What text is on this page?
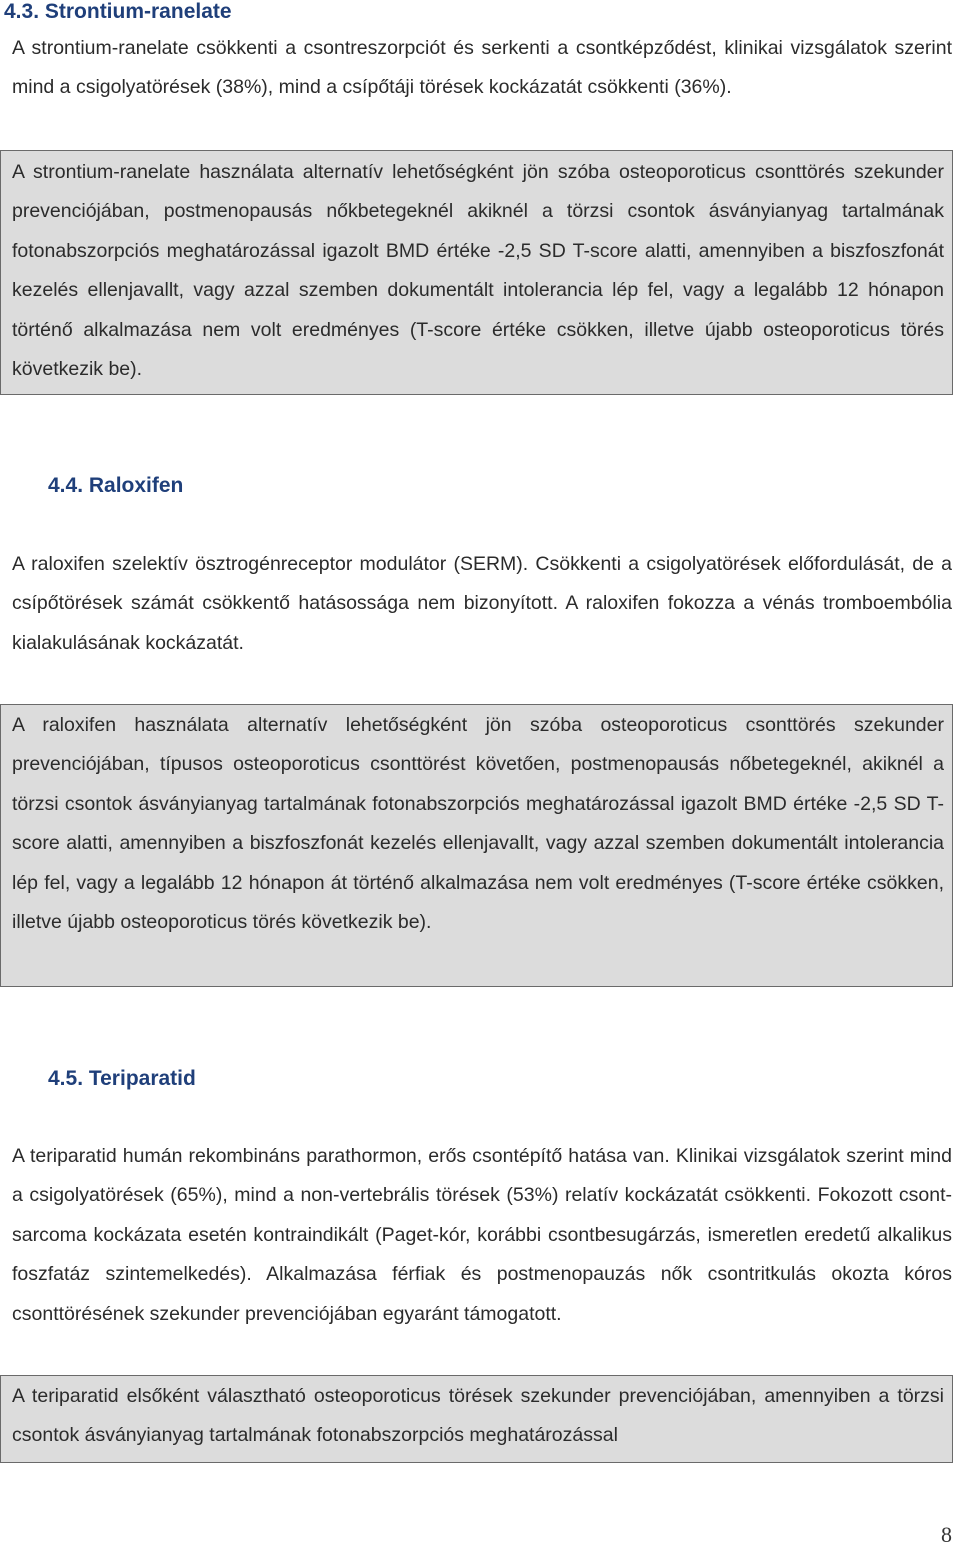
4.3. Strontium-ranelate

A strontium-ranelate csökkenti a csontreszorpciót és serkenti a csontképződést, klinikai vizsgálatok szerint mind a csigolyatörések (38%), mind a csípőtáji törések kockázatát csökkenti (36%).

A strontium-ranelate használata alternatív lehetőségként jön szóba osteoporoticus csonttörés szekunder prevenciójában, postmenopausás nőkbetegeknél akiknél a törzsi csontok ásványianyag tartalmának fotonabszorpciós meghatározással igazolt BMD értéke -2,5 SD T-score alatti, amennyiben a biszfoszfonát kezelés ellenjavallt, vagy azzal szemben dokumentált intolerancia lép fel, vagy a legalább 12 hónapon történő alkalmazása nem volt eredményes (T-score értéke csökken, illetve újabb osteoporoticus törés következik be).

4.4. Raloxifen

A raloxifen szelektív ösztrogénreceptor modulátor (SERM). Csökkenti a csigolyatörések előfordulását, de a csípőtörések számát csökkentő hatásossága nem bizonyított. A raloxifen fokozza a vénás tromboembólia kialakulásának kockázatát.

A raloxifen használata alternatív lehetőségként jön szóba osteoporoticus csonttörés szekunder prevenciójában, típusos osteoporoticus csonttörést követően, postmenopausás nőbetegeknél, akiknél a törzsi csontok ásványianyag tartalmának fotonabszorpciós meghatározással igazolt BMD értéke -2,5 SD T-score alatti, amennyiben a biszfoszfonát kezelés ellenjavallt, vagy azzal szemben dokumentált intolerancia lép fel, vagy a legalább 12 hónapon át történő alkalmazása nem volt eredményes (T-score értéke csökken, illetve újabb osteoporoticus törés következik be).

4.5. Teriparatid

A teriparatid humán rekombináns parathormon, erős csontépítő hatása van. Klinikai vizsgálatok szerint mind a csigolyatörések (65%), mind a non-vertebrális törések (53%) relatív kockázatát csökkenti. Fokozott csont-sarcoma kockázata esetén kontraindikált (Paget-kór, korábbi csontbesugárzás, ismeretlen eredetű alkalikus foszfatáz szintemelkedés). Alkalmazása férfiak és postmenopauzás nők csontritkulás okozta kóros csonttörésének szekunder prevenciójában egyaránt támogatott.

A teriparatid elsőként választható osteoporoticus törések szekunder prevenciójában, amennyiben a törzsi csontok ásványianyag tartalmának fotonabszorpciós meghatározással

8
